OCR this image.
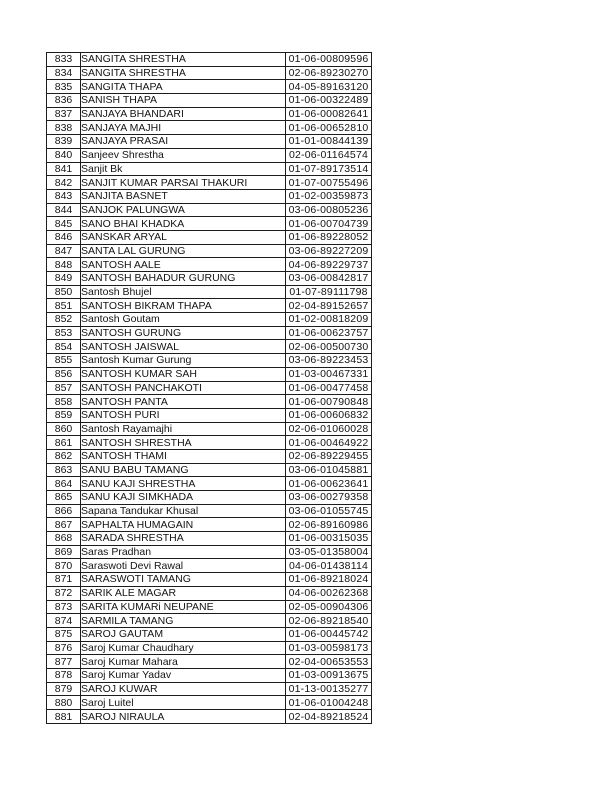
833	SANGITA SHRESTHA	01-06-00809596
834	SANGITA SHRESTHA	02-06-89230270
835	SANGITA THAPA	04-05-89163120
836	SANISH THAPA	01-06-00322489
837	SANJAYA BHANDARI	01-06-00082641
838	SANJAYA MAJHI	01-06-00652810
839	SANJAYA PRASAI	01-01-00844139
840	Sanjeev Shrestha	02-06-01164574
841	Sanjit Bk	01-07-89173514
842	SANJIT KUMAR PARSAI THAKURI	01-07-00755496
843	SANJITA BASNET	01-02-00359873
844	SANJOK PALUNGWA	03-06-00805236
845	SANO BHAI KHADKA	01-06-00704739
846	SANSKAR ARYAL	01-06-89228052
847	SANTA LAL GURUNG	03-06-89227209
848	SANTOSH AALE	04-06-89229737
849	SANTOSH BAHADUR GURUNG	03-06-00842817
850	Santosh Bhujel	01-07-89111798
851	SANTOSH BIKRAM THAPA	02-04-89152657
852	Santosh Goutam	01-02-00818209
853	SANTOSH GURUNG	01-06-00623757
854	SANTOSH JAISWAL	02-06-00500730
855	Santosh Kumar Gurung	03-06-89223453
856	SANTOSH KUMAR SAH	01-03-00467331
857	SANTOSH PANCHAKOTI	01-06-00477458
858	SANTOSH PANTA	01-06-00790848
859	SANTOSH PURI	01-06-00606832
860	Santosh Rayamajhi	02-06-01060028
861	SANTOSH SHRESTHA	01-06-00464922
862	SANTOSH THAMI	02-06-89229455
863	SANU BABU TAMANG	03-06-01045881
864	SANU KAJI SHRESTHA	01-06-00623641
865	SANU KAJI SIMKHADA	03-06-00279358
866	Sapana Tandukar Khusal	03-06-01055745
867	SAPHALTA HUMAGAIN	02-06-89160986
868	SARADA SHRESTHA	01-06-00315035
869	Saras Pradhan	03-05-01358004
870	Saraswoti Devi Rawal	04-06-01438114
871	SARASWOTI TAMANG	01-06-89218024
872	SARIK ALE MAGAR	04-06-00262368
873	SARITA KUMARi NEUPANE	02-05-00904306
874	SARMILA TAMANG	02-06-89218540
875	SAROJ GAUTAM	01-06-00445742
876	Saroj Kumar Chaudhary	01-03-00598173
877	Saroj Kumar Mahara	02-04-00653553
878	Saroj Kumar Yadav	01-03-00913675
879	SAROJ KUWAR	01-13-00135277
880	Saroj Luitel	01-06-01004248
881	SAROJ NIRAULA	02-04-89218524
